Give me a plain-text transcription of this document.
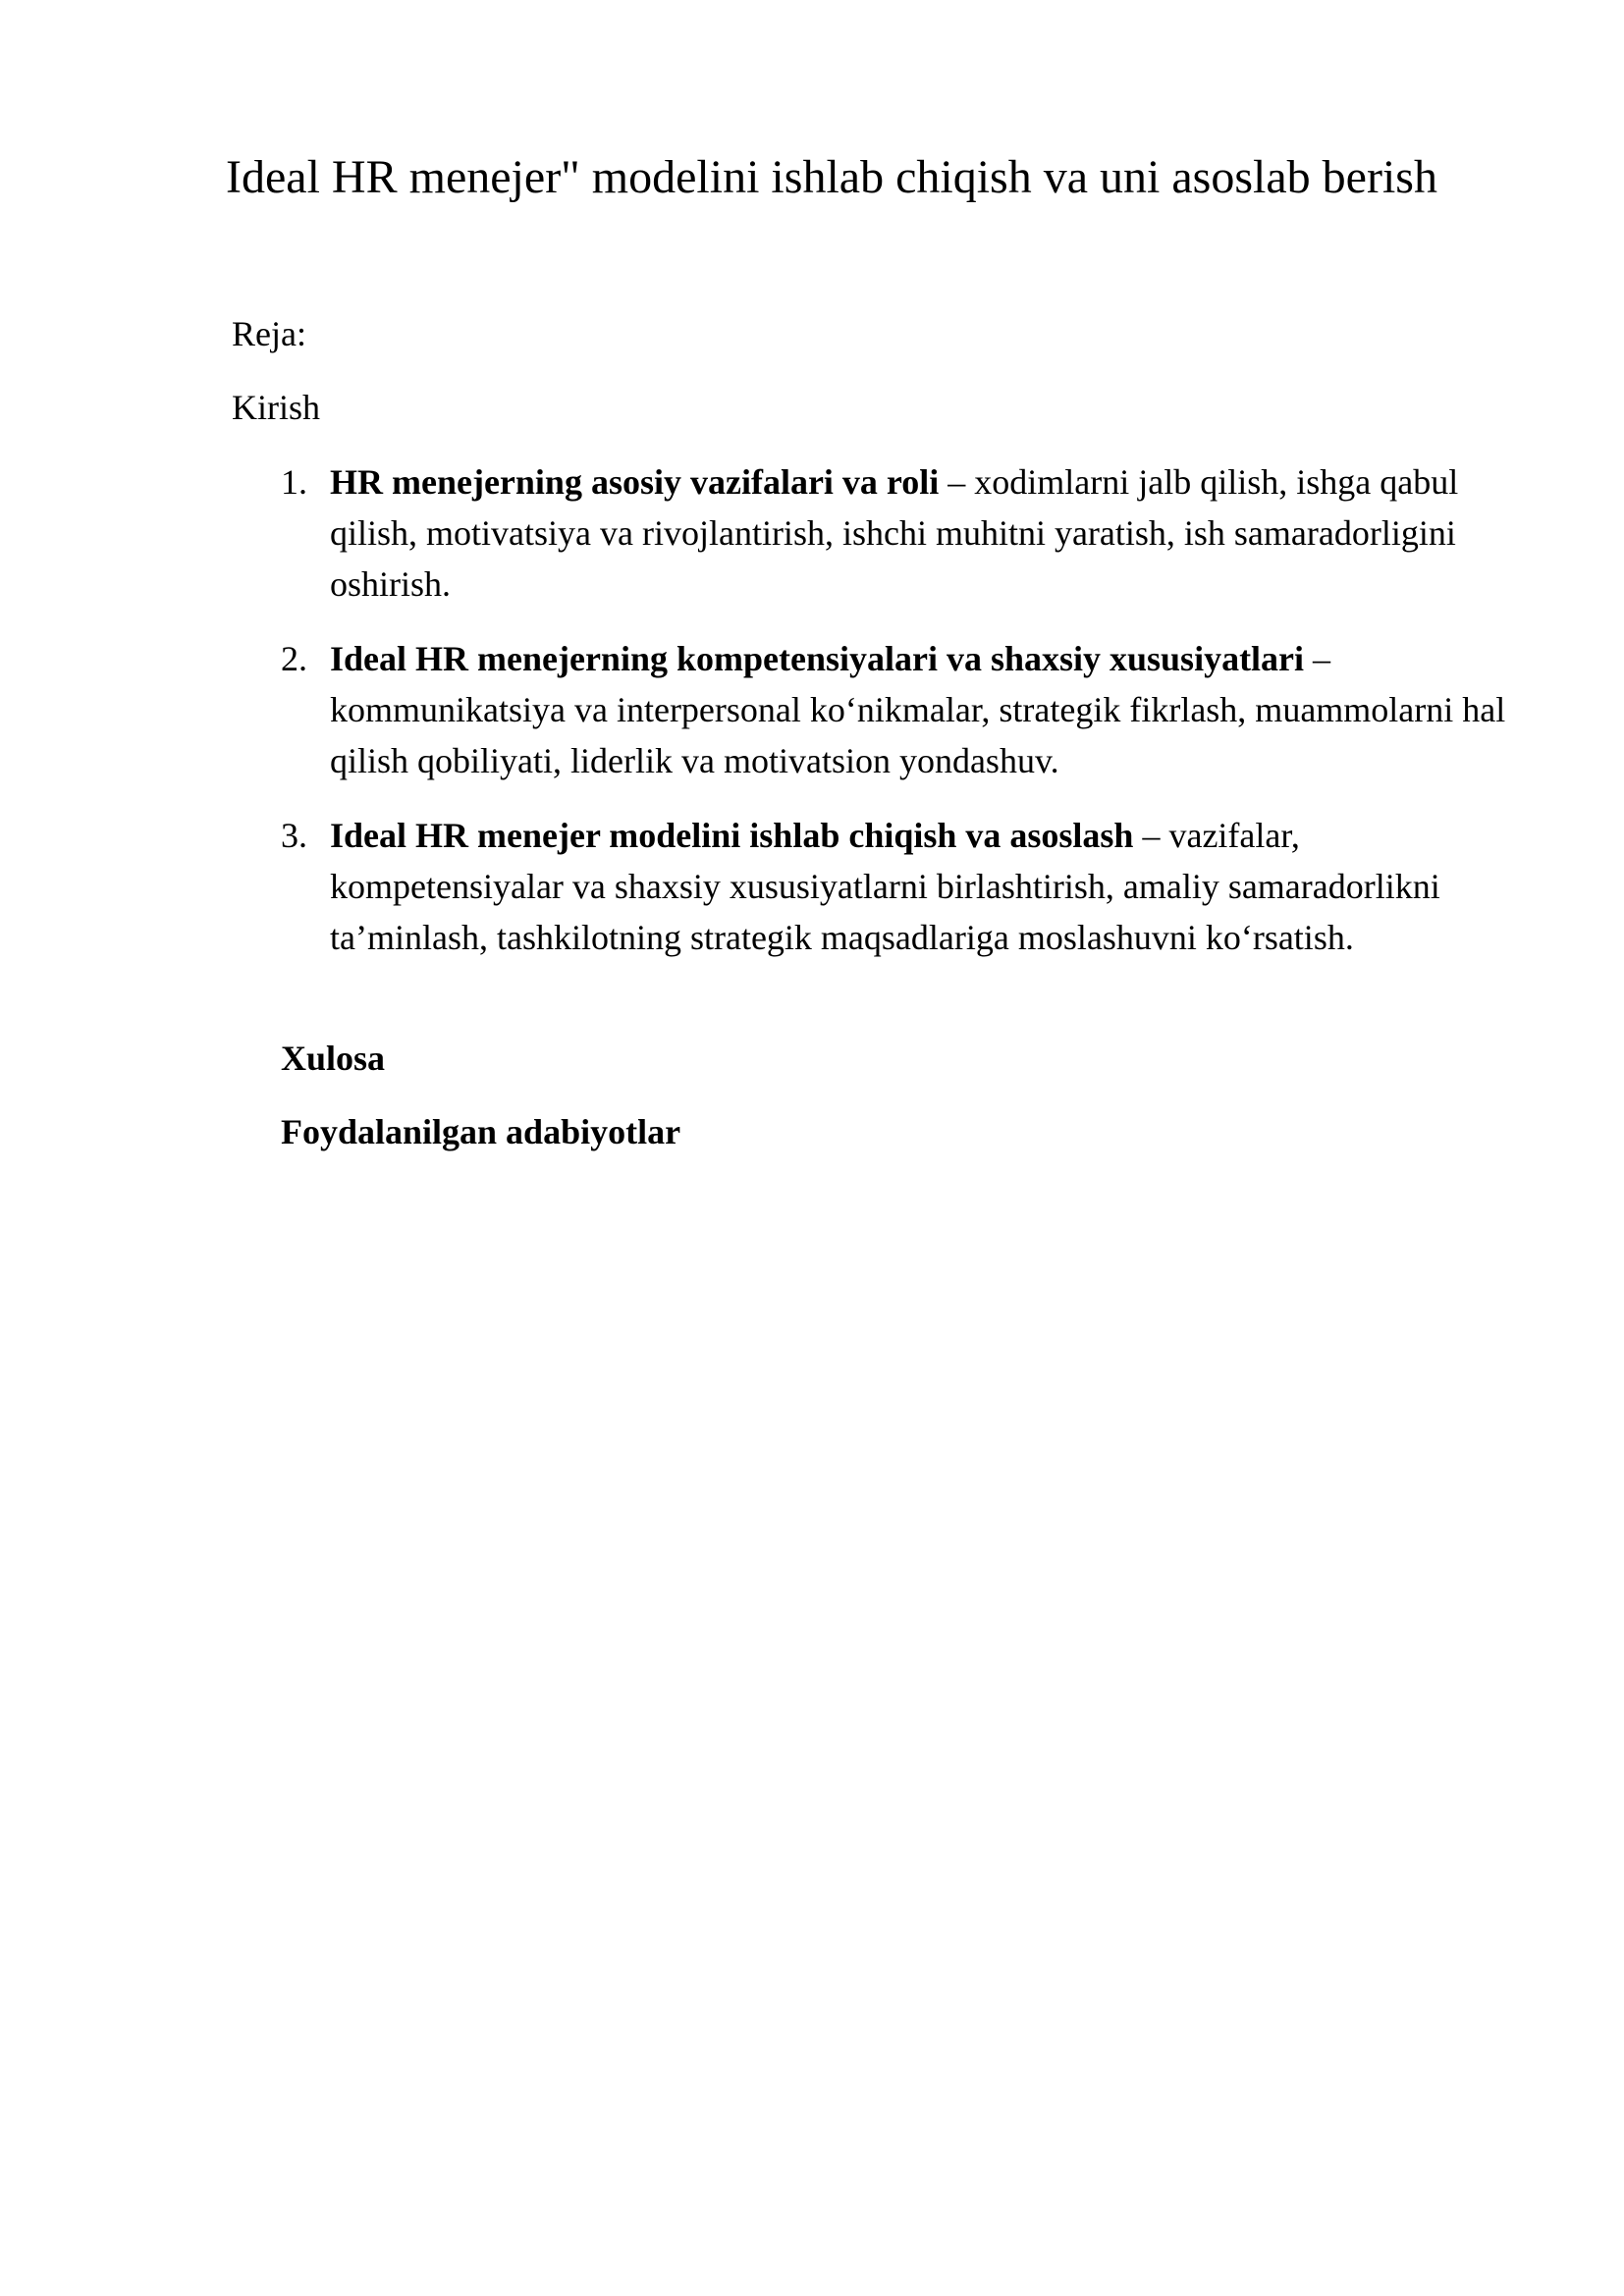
Ideal HR menejer" modelini ishlab chiqish va uni asoslab berish

Reja:

Kirish

1. HR menejerning asosiy vazifalari va roli – xodimlarni jalb qilish, ishga qabul qilish, motivatsiya va rivojlantirish, ishchi muhitni yaratish, ish samaradorligini oshirish.
2. Ideal HR menejerning kompetensiyalari va shaxsiy xususiyatlari – kommunikatsiya va interpersonal ko‘nikmalar, strategik fikrlash, muammolarni hal qilish qobiliyati, liderlik va motivatsion yondashuv.
3. Ideal HR menejer modelini ishlab chiqish va asoslash – vazifalar, kompetensiyalar va shaxsiy xususiyatlarni birlashtirish, amaliy samaradorlikni ta’minlash, tashkilotning strategik maqsadlariga moslashuvni ko‘rsatish.

Xulosa

Foydalanilgan adabiyotlar
